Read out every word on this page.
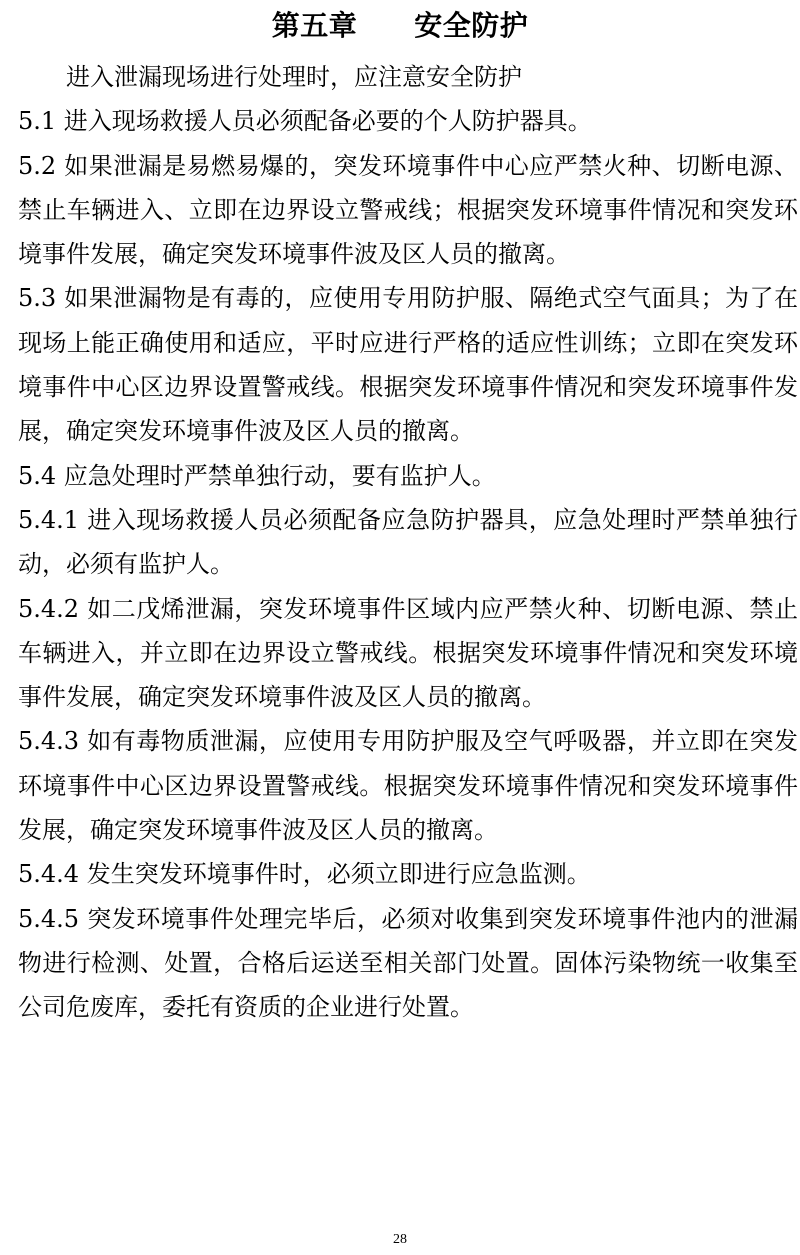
第五章　　安全防护

进入泄漏现场进行处理时，应注意安全防护

5.1 进入现场救援人员必须配备必要的个人防护器具。

5.2 如果泄漏是易燃易爆的，突发环境事件中心应严禁火种、切断电源、禁止车辆进入、立即在边界设立警戒线；根据突发环境事件情况和突发环境事件发展，确定突发环境事件波及区人员的撤离。

5.3 如果泄漏物是有毒的，应使用专用防护服、隔绝式空气面具；为了在现场上能正确使用和适应，平时应进行严格的适应性训练；立即在突发环境事件中心区边界设置警戒线。根据突发环境事件情况和突发环境事件发展，确定突发环境事件波及区人员的撤离。

5.4 应急处理时严禁单独行动，要有监护人。

5.4.1 进入现场救援人员必须配备应急防护器具，应急处理时严禁单独行动，必须有监护人。

5.4.2 如二戊烯泄漏，突发环境事件区域内应严禁火种、切断电源、禁止车辆进入，并立即在边界设立警戒线。根据突发环境事件情况和突发环境事件发展，确定突发环境事件波及区人员的撤离。

5.4.3 如有毒物质泄漏，应使用专用防护服及空气呼吸器，并立即在突发环境事件中心区边界设置警戒线。根据突发环境事件情况和突发环境事件发展，确定突发环境事件波及区人员的撤离。

5.4.4 发生突发环境事件时，必须立即进行应急监测。

5.4.5 突发环境事件处理完毕后，必须对收集到突发环境事件池内的泄漏物进行检测、处置，合格后运送至相关部门处置。固体污染物统一收集至公司危废库，委托有资质的企业进行处置。

28
